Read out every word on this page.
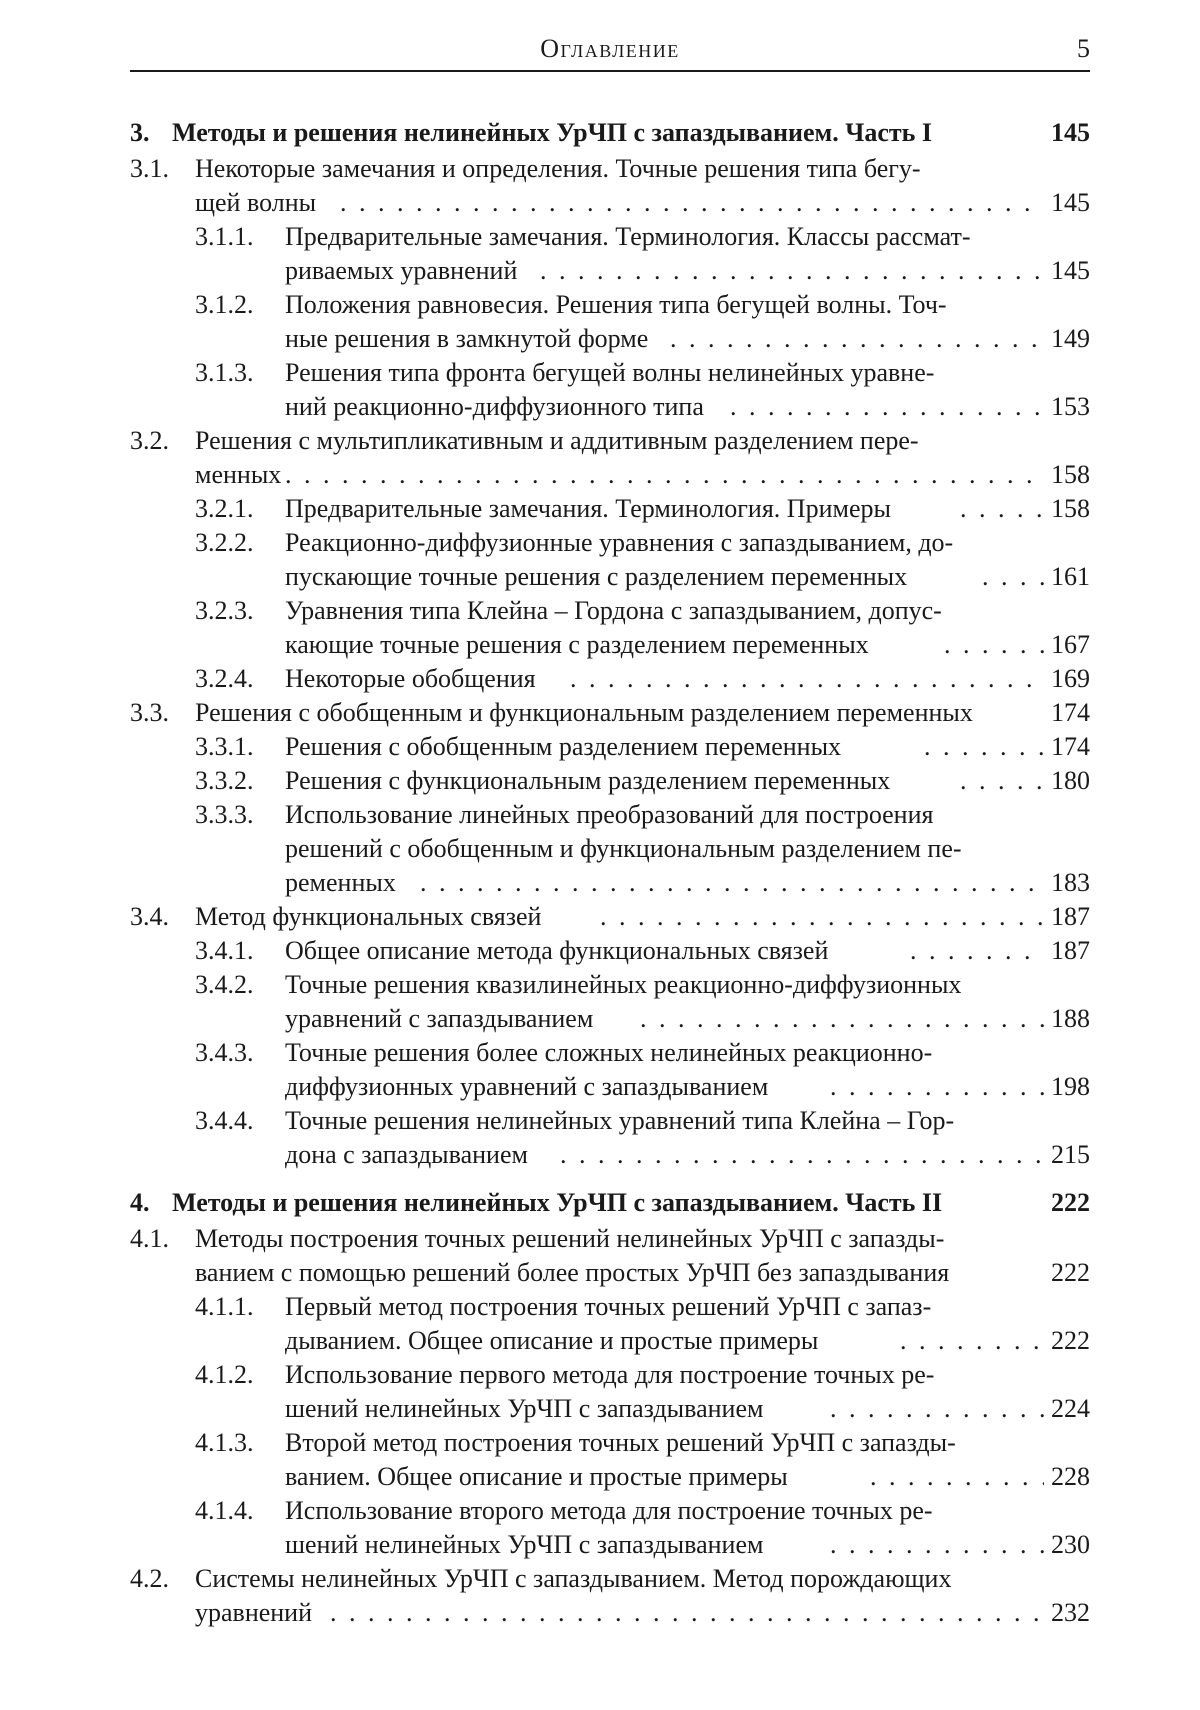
Оглавление	5
3. Методы и решения нелинейных УрЧП с запаздыванием. Часть I	145
3.1. Некоторые замечания и определения. Точные решения типа бегу-
щей волны . . . . . . . . . . . . . . . . . . . . . . . . . . . . . . . . . . . . . 145
3.1.1. Предварительные замечания. Терминология. Классы рассмат-
риваемых уравнений . . . . . . . . . . . . . . . . . . . . . . . . . . . 145
3.1.2. Положения равновесия. Решения типа бегущей волны. Точ-
ные решения в замкнутой форме . . . . . . . . . . . . . . . . . . . . 149
3.1.3. Решения типа фронта бегущей волны нелинейных уравне-
ний реакционно-диффузионного типа . . . . . . . . . . . . . . . . . 153
3.2. Решения с мультипликативным и аддитивным разделением пере-
менных . . . . . . . . . . . . . . . . . . . . . . . . . . . . . . . . . . . . . . . . 158
3.2.1. Предварительные замечания. Терминология. Примеры	. . . . 158
3.2.2. Реакционно-диффузионные уравнения с запаздыванием, до-
пускающие точные решения с разделением переменных	. . . 161
3.2.3. Уравнения типа Клейна – Гордона с запаздыванием, допус-
кающие точные решения с разделением переменных	. . . . . 167
3.2.4. Некоторые обобщения . . . . . . . . . . . . . . . . . . . . . . . . . 169
3.3. Решения с обобщенным и функциональным разделением переменных	174
3.3.1. Решения с обобщенным разделением переменных	. . . . . . 174
3.3.2. Решения с функциональным разделением переменных	. . . . 180
3.3.3. Использование линейных преобразований для построения
решений с обобщенным и функциональным разделением пе-
ременных . . . . . . . . . . . . . . . . . . . . . . . . . . . . . . . . . 183
3.4. Метод функциональных связей . . . . . . . . . . . . . . . . . . . . . . . 187
3.4.1. Общее описание метода функциональных связей	. . . . . . . 187
3.4.2. Точные решения квазилинейных реакционно-диффузионных
уравнений с запаздыванием . . . . . . . . . . . . . . . . . . . . . 188
3.4.3. Точные решения более сложных нелинейных реакционно-
диффузионных уравнений с запаздыванием . . . . . . . . . . . 198
3.4.4. Точные решения нелинейных уравнений типа Клейна – Гор-
дона с запаздыванием . . . . . . . . . . . . . . . . . . . . . . . . . . 215
4. Методы и решения нелинейных УрЧП с запаздыванием. Часть II	222
4.1. Методы построения точных решений нелинейных УрЧП с запазды-
ванием с помощью решений более простых УрЧП без запаздывания	222
4.1.1. Первый метод построения точных решений УрЧП с запаз-
дыванием. Общее описание и простые примеры	. . . . . . . . 222
4.1.2. Использование первого метода для построение точных ре-
шений нелинейных УрЧП с запаздыванием	. . . . . . . . . . . 224
4.1.3. Второй метод построения точных решений УрЧП с запазды-
ванием. Общее описание и простые примеры	. . . . . . . . . 228
4.1.4. Использование второго метода для построение точных ре-
шений нелинейных УрЧП с запаздыванием	. . . . . . . . . . . 230
4.2. Системы нелинейных УрЧП с запаздыванием. Метод порождающих
уравнений . . . . . . . . . . . . . . . . . . . . . . . . . . . . . . . . . . . . . . 232
